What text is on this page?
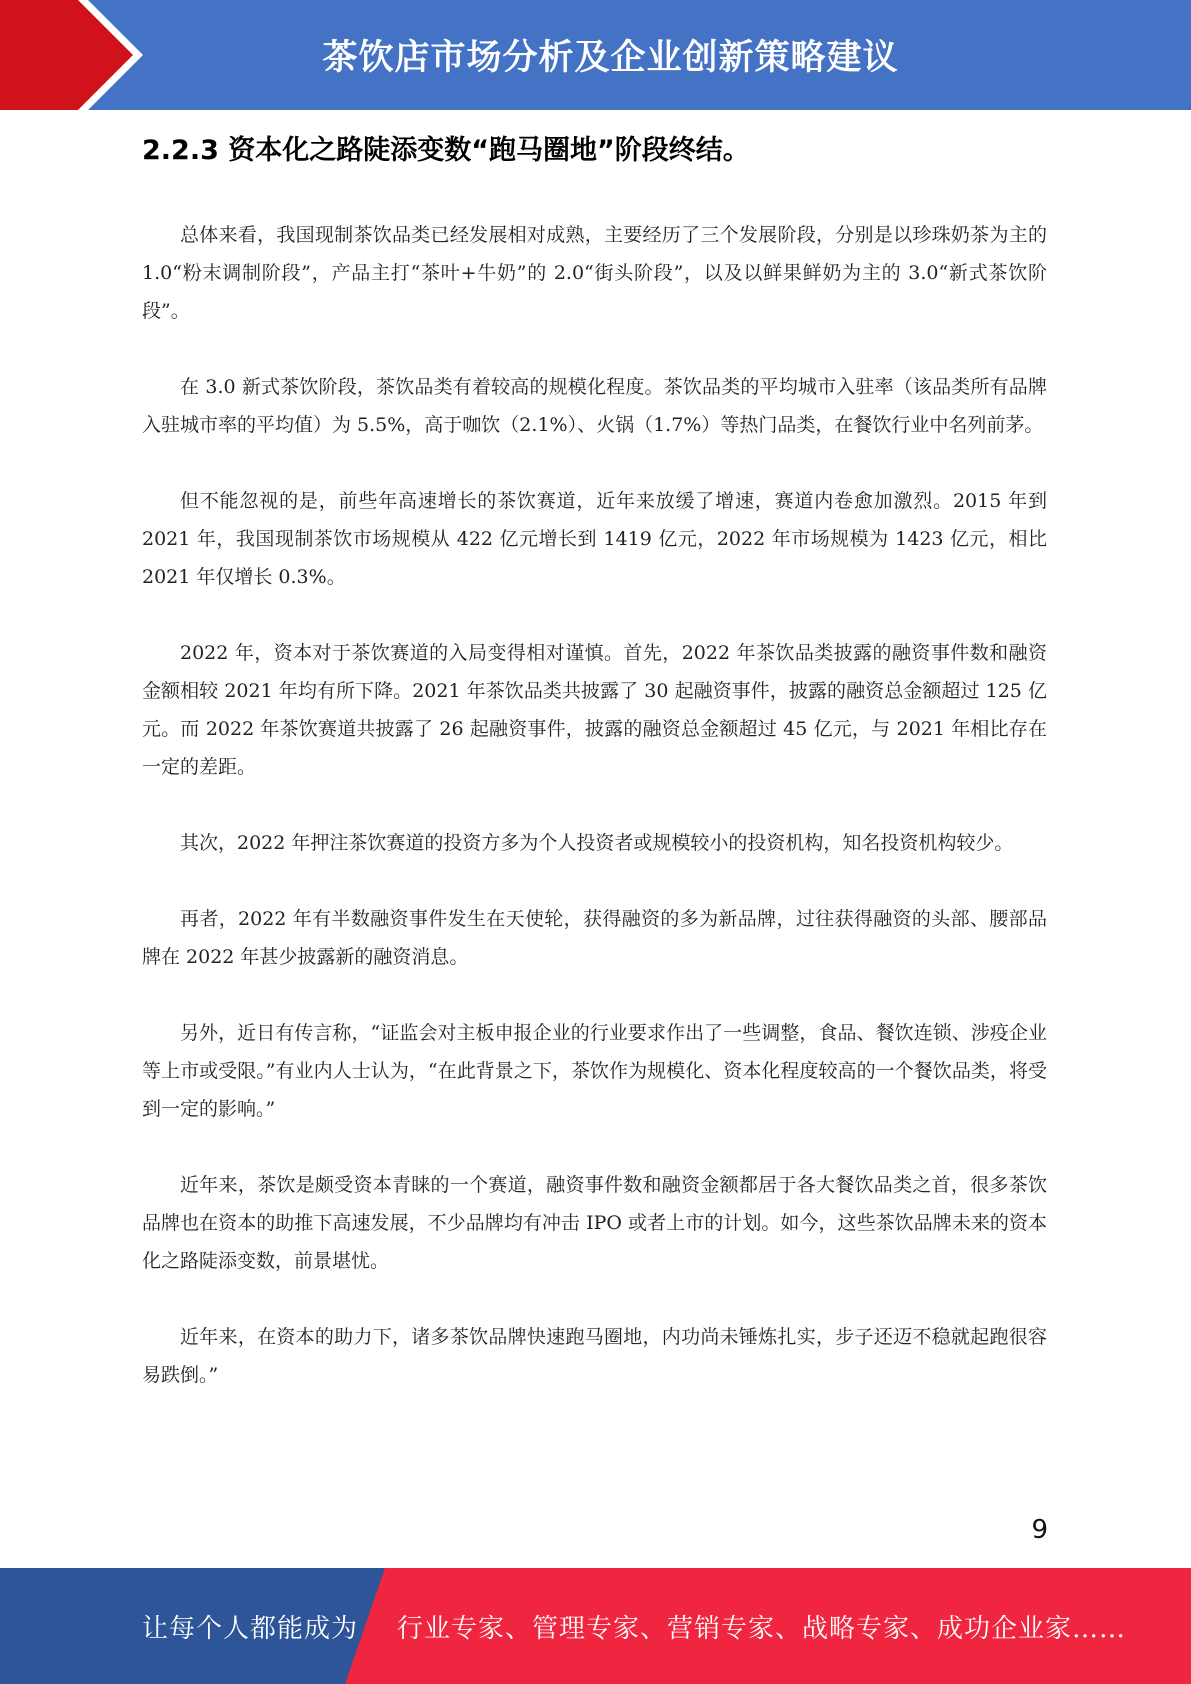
茶饮店市场分析及企业创新策略建议
2.2.3 资本化之路陡添变数“跑马圈地”阶段终结。

总体来看，我国现制茶饮品类已经发展相对成熟，主要经历了三个发展阶段，分别是以珍珠奶茶为主的 1.0“粉末调制阶段”，产品主打“茶叶+牛奶”的 2.0“街头阶段”，以及以鲜果鲜奶为主的 3.0“新式茶饮阶段”。

在 3.0 新式茶饮阶段，茶饮品类有着较高的规模化程度。茶饮品类的平均城市入驻率（该品类所有品牌入驻城市率的平均值）为 5.5%，高于咖饮（2.1%）、火锅（1.7%）等热门品类，在餐饮行业中名列前茅。

但不能忽视的是，前些年高速增长的茶饮赛道，近年来放缓了增速，赛道内卷愈加激烈。2015 年到 2021 年，我国现制茶饮市场规模从 422 亿元增长到 1419 亿元，2022 年市场规模为 1423 亿元，相比 2021 年仅增长 0.3%。

2022 年，资本对于茶饮赛道的入局变得相对谨慎。首先，2022 年茶饮品类披露的融资事件数和融资金额相较 2021 年均有所下降。2021 年茶饮品类共披露了 30 起融资事件，披露的融资总金额超过 125 亿元。而 2022 年茶饮赛道共披露了 26 起融资事件，披露的融资总金额超过 45 亿元，与 2021 年相比存在一定的差距。

其次，2022 年押注茶饮赛道的投资方多为个人投资者或规模较小的投资机构，知名投资机构较少。

再者，2022 年有半数融资事件发生在天使轮，获得融资的多为新品牌，过往获得融资的头部、腰部品牌在 2022 年甚少披露新的融资消息。

另外，近日有传言称，“证监会对主板申报企业的行业要求作出了一些调整，食品、餐饮连锁、涉疫企业等上市或受限。”有业内人士认为，“在此背景之下，茶饮作为规模化、资本化程度较高的一个餐饮品类，将受到一定的影响。”

近年来，茶饮是颇受资本青睐的一个赛道，融资事件数和融资金额都居于各大餐饮品类之首，很多茶饮品牌也在资本的助推下高速发展，不少品牌均有冲击 IPO 或者上市的计划。如今，这些茶饮品牌未来的资本化之路陡添变数，前景堪忧。

近年来，在资本的助力下，诸多茶饮品牌快速跑马圈地，内功尚未锤炼扎实，步子还迈不稳就起跑很容易跌倒。”

9
让每个人都能成为 行业专家、管理专家、营销专家、战略专家、成功企业家……
